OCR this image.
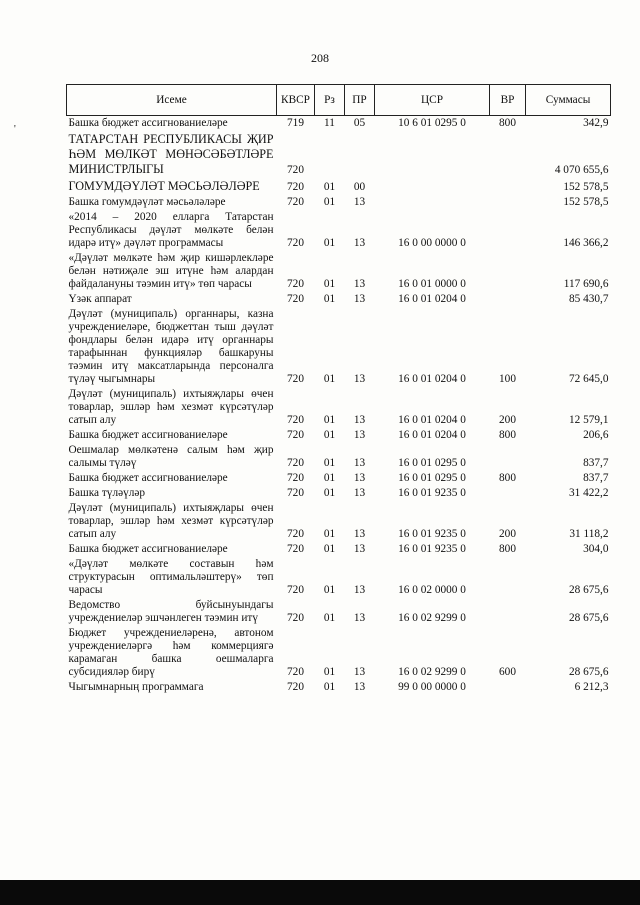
208
'
Исеме	КВСР	Рз	ПР	ЦСР	ВР	Суммасы
Башка бюджет ассигнованиеләре	719	11	05	10 6 01 0295 0	800	342,9
ТАТАРСТАН РЕСПУБЛИКАСЫ ҖИР ҺӘМ МӨЛКӘТ МӨНӘСӘБӘТЛӘРЕ МИНИСТРЛЫГЫ	720					4 070 655,6
ГОМУМДӘҮЛӘТ МӘСЬӘЛӘЛӘРЕ	720	01	00			152 578,5
Башка гомумдәүләт мәсьәләләре	720	01	13			152 578,5
«2014 – 2020 елларга Татарстан Республикасы дәүләт мөлкәте белән идарә итү» дәүләт программасы	720	01	13	16 0 00 0000 0		146 366,2
«Дәүләт мөлкәте һәм җир кишәрлекләре белән нәтиҗәле эш итүне һәм алардан файдалануны тәэмин итү» төп чарасы	720	01	13	16 0 01 0000 0		117 690,6
Үзәк аппарат	720	01	13	16 0 01 0204 0		85 430,7
Дәүләт (муниципаль) органнары, казна учреждениеләре, бюджеттан тыш дәүләт фондлары белән идарә итү органнары тарафыннан функцияләр башкаруны тәэмин итү максатларында персоналга түләү чыгымнары	720	01	13	16 0 01 0204 0	100	72 645,0
Дәүләт (муниципаль) ихтыяҗлары өчен товарлар, эшләр һәм хезмәт күрсәтүләр сатып алу	720	01	13	16 0 01 0204 0	200	12 579,1
Башка бюджет ассигнованиеләре	720	01	13	16 0 01 0204 0	800	206,6
Оешмалар мөлкәтенә салым һәм җир салымы түләү	720	01	13	16 0 01 0295 0		837,7
Башка бюджет ассигнованиеләре	720	01	13	16 0 01 0295 0	800	837,7
Башка түләүләр	720	01	13	16 0 01 9235 0		31 422,2
Дәүләт (муниципаль) ихтыяҗлары өчен товарлар, эшләр һәм хезмәт күрсәтүләр сатып алу	720	01	13	16 0 01 9235 0	200	31 118,2
Башка бюджет ассигнованиеләре	720	01	13	16 0 01 9235 0	800	304,0
«Дәүләт мөлкәте составын һәм структурасын оптимальләштерү» төп чарасы	720	01	13	16 0 02 0000 0		28 675,6
Ведомство буйсынуындагы учреждениеләр эшчәнлеген тәэмин итү	720	01	13	16 0 02 9299 0		28 675,6
Бюджет учреждениеләренә, автоном учреждениеләргә һәм коммерциягә карамаган башка оешмаларга субсидияләр бирү	720	01	13	16 0 02 9299 0	600	28 675,6
Чыгымнарның программага	720	01	13	99 0 00 0000 0		6 212,3
